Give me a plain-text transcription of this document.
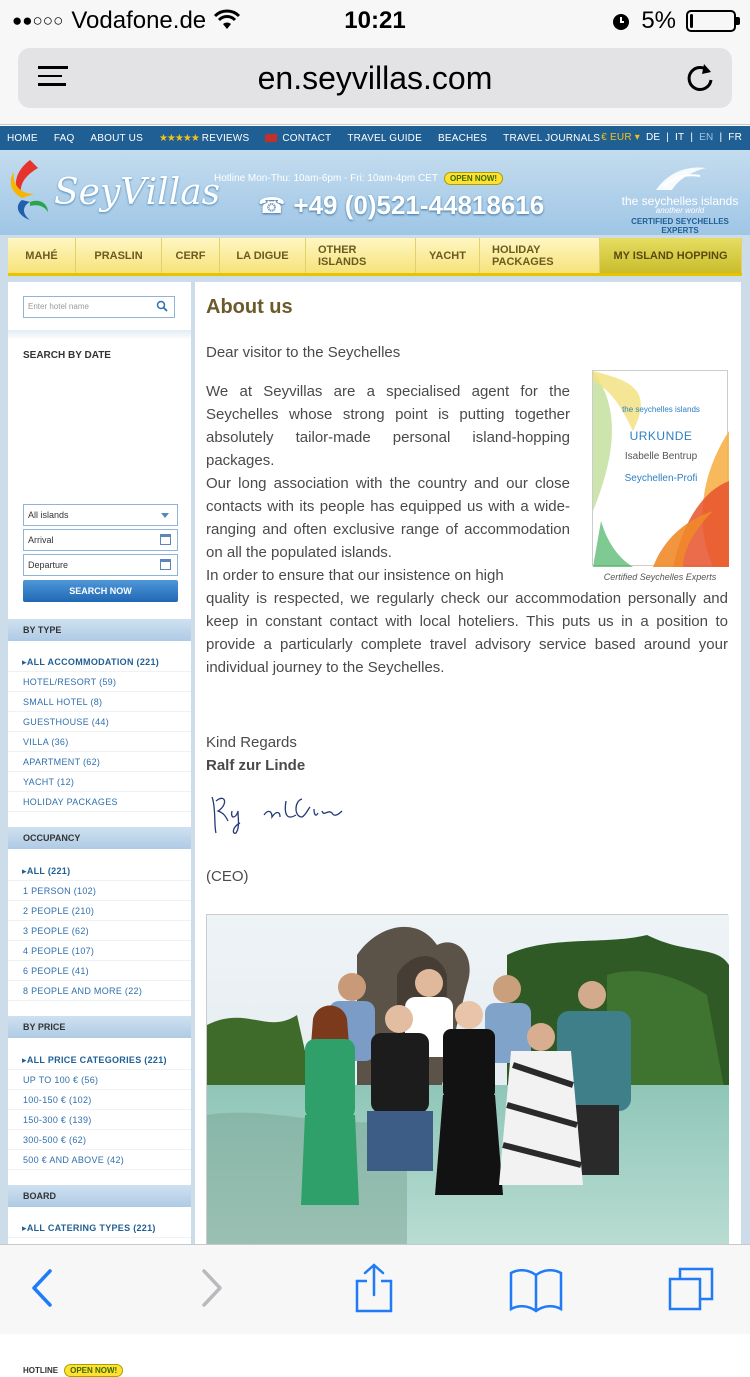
●●○○○ Vodafone.de	10:21	5%
en.seyvillas.com
HOME FAQ ABOUT US ★★★★★ REVIEWS	CONTACT TRAVEL GUIDE BEACHES TRAVEL JOURNALS € EUR ▾ DE | IT | EN | FR
SeyVillas
Hotline Mon-Thu: 10am-6pm - Fri: 10am-4pm CET	OPEN NOW!
☎ +49 (0)521-44818616	the seychelles islands
another world
CERTIFIED SEYCHELLES EXPERTS
MAHÉ	PRASLIN	CERF	LA DIGUE	OTHER ISLANDS	YACHT	HOLIDAY PACKAGES	MY ISLAND HOPPING
Enter hotel name
SEARCH BY DATE
All islands
Arrival
Departure
SEARCH NOW
BY TYPE
▸ ALL ACCOMMODATION (221)
HOTEL/RESORT (59)
SMALL HOTEL (8)
GUESTHOUSE (44)
VILLA (36)
APARTMENT (62)
YACHT (12)
HOLIDAY PACKAGES
OCCUPANCY
▸ ALL (221)
1 PERSON (102)
2 PEOPLE (210)
3 PEOPLE (62)
4 PEOPLE (107)
6 PEOPLE (41)
8 PEOPLE AND MORE (22)
BY PRICE
▸ ALL PRICE CATEGORIES (221)
UP TO 100 € (56)
100-150 € (102)
150-300 € (139)
300-500 € (62)
500 € AND ABOVE (42)
BOARD
▸ ALL CATERING TYPES (221)
HOTLINE	OPEN NOW!
About us
Dear visitor to the Seychelles
We at Seyvillas are a specialised agent for the Seychelles whose strong point is putting together absolutely tailor-made personal island-hopping packages.
Our long association with the country and our close contacts with its people has equipped us with a wide-ranging and often exclusive range of accommodation on all the populated islands.
In order to ensure that our insistence on high
quality is respected, we regularly check our accommodation personally and keep in constant contact with local hoteliers. This puts us in a position to provide a particularly complete travel advisory service based around your individual journey to the Seychelles.
the seychelles islands
URKUNDE
Isabelle Bentrup
Seychellen-Profi
Certified Seychelles Experts
Kind Regards
Ralf zur Linde
(CEO)
